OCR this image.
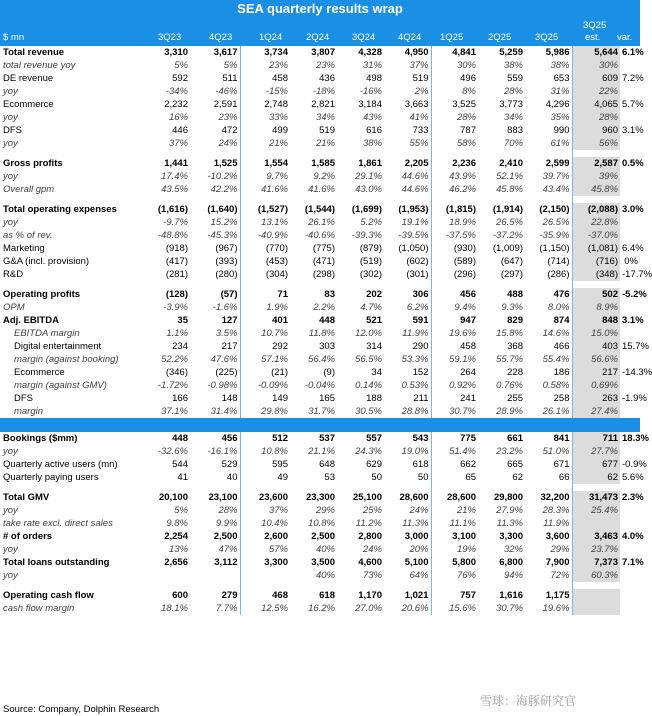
SEA quarterly results wrap
$ mn	3Q23	4Q23	1Q24	2Q24 3Q24 4Q24 1Q25	2Q25	3Q25
3Q25
est. var.
Total revenue	3,310	3,617	3,734	3,807	4,328	4,950	4,841	5,259	5,986	5,644	6.1%
total revenue yoy	5%	5%	23%	23%	31%	37%	30%	38%	38%	30%	
DE revenue	592	511	458	436	498	519	496	559	653	609	7.2%
yoy	-34%	-46%	-15%	-18%	-16%	2%	8%	28%	31%	22%	
Ecommerce	2,232	2,591	2,748	2,821	3,184	3,663	3,525	3,773	4,296	4,065	5.7%
yoy	16%	23%	33%	34%	43%	41%	28%	34%	35%	28%	
DFS	446	472	499	519	616	733	787	883	990	960	3.1%
yoy	37%	24%	21%	21%	38%	55%	58%	70%	61%	56%	

Gross profits	1,441	1,525	1,554	1,585	1,861	2,205	2,236	2,410	2,599	2,587	0.5%
yoy	17.4%	-10.2%	9.7%	9.2%	29.1%	44.6%	43.9%	52.1%	39.7%	39%	
Overall gpm	43.5%	42.2%	41.6%	41.6%	43.0%	44.6%	46.2%	45.8%	43.4%	45.8%	

Total operating expenses	(1,616)	(1,640)	(1,527)	(1,544)	(1,699)	(1,953)	(1,815)	(1,914)	(2,150)	(2,088)	3.0%
yoy	-9.7%	15.2%	13.1%	26.1%	5.2%	19.1%	18.9%	26.5%	26.5%	22.8%	
as % of rev.	-48.8%	-45.3%	-40.9%	-40.6%	-39.3%	-39.5%	-37.5%	-37.2%	-35.9%	-37.0%	
Marketing	(918)	(967)	(770)	(775)	(879)	(1,050)	(930)	(1,009)	(1,150)	(1,081)	6.4%
G&A (incl. provision)	(417)	(393)	(453)	(471)	(519)	(602)	(589)	(647)	(714)	(716)	0%
R&D	(281)	(280)	(304)	(298)	(302)	(301)	(296)	(297)	(286)	(348)	-17.7%

Operating profits	(128)	(57)	71	83	202	306	456	488	476	502	-5.2%
OPM	-3.9%	-1.6%	1.9%	2.2%	4.7%	6.2%	9.4%	9.3%	8.0%	8.9%	
Adj. EBITDA	35	127	401	448	521	591	947	829	874	848	3.1%
EBITDA margin	1.1%	3.5%	10.7%	11.8%	12.0%	11.9%	19.6%	15.8%	14.6%	15.0%	
Digital entertainment	234	217	292	303	314	290	458	368	466	403	15.7%
margin (against booking)	52.2%	47.6%	57.1%	56.4%	56.5%	53.3%	59.1%	55.7%	55.4%	56.6%	
Ecommerce	(346)	(225)	(21)	(9)	34	152	264	228	186	217	-14.3%
margin (against GMV)	-1.72%	-0.98%	-0.09%	-0.04%	0.14%	0.53%	0.92%	0.76%	0.58%	0.69%	
DFS	166	148	149	165	188	211	241	255	258	263	-1.9%
margin	37.1%	31.4%	29.8%	31.7%	30.5%	28.8%	30.7%	28.9%	26.1%	27.4%	

Bookings ($mm)	448	456	512	537	557	543	775	661	841	711	18.3%
yoy	-32.6%	-16.1%	10.8%	21.1%	24.3%	19.0%	51.4%	23.2%	51.0%	27.7%	
Quarterly active users (mn)	544	529	595	648	629	618	662	665	671	677	-0.9%
Quarterly paying users	41	40	49	53	50	50	65	62	66	62	5.6%

Total GMV	20,100	23,100	23,600	23,300	25,100	28,600	28,600	29,800	32,200	31,473	2.3%
yoy	5%	28%	37%	29%	25%	24%	21%	27.9%	28.3%	25.4%	
take rate excl. direct sales	9.8%	9.9%	10.4%	10.8%	11.2%	11.3%	11.1%	11.3%	11.9%		
# of orders	2,254	2,500	2,600	2,500	2,800	3,000	3,100	3,300	3,600	3,463	4.0%
yoy	13%	47%	57%	40%	24%	20%	19%	32%	29%	23.7%	
Total loans outstanding	2,656	3,112	3,300	3,500	4,600	5,100	5,800	6,800	7,900	7,373	7.1%
yoy				40%	73%	64%	76%	94%	72%	60.3%	

Operating cash flow	600	279	468	618	1,170	1,021	757	1,616	1,175		
cash flow margin	18.1%	7.7%	12.5%	16.2%	27.0%	20.6%	15.6%	30.7%	19.6%		
Source: Company, Dolphin Research
雪球：海豚研究官
